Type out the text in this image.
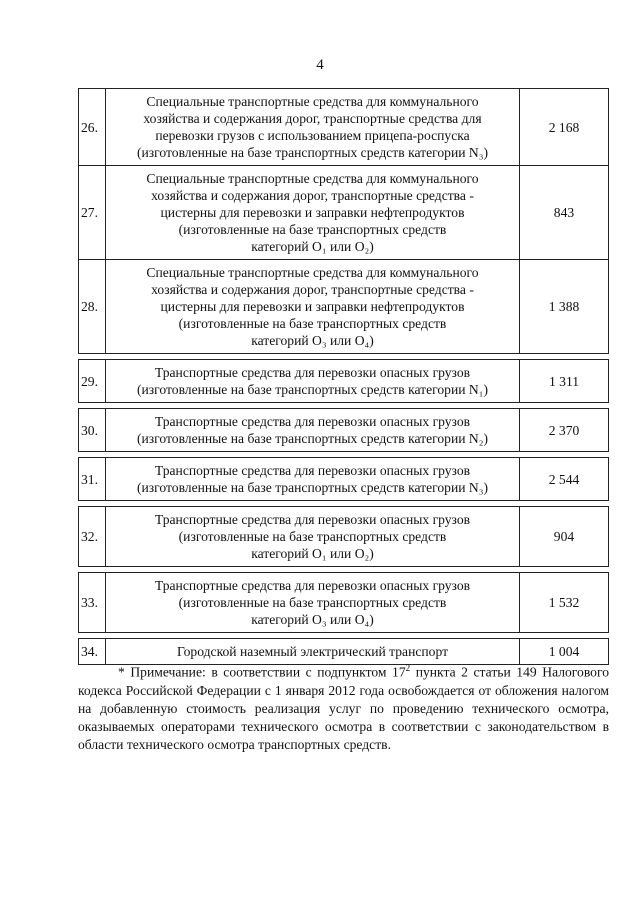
4
26.	Специальные транспортные средства для коммунального
хозяйства и содержания дорог, транспортные средства для
перевозки грузов с использованием прицепа-роспуска
(изготовленные на базе транспортных средств категории N₃)	2 168
27.	Специальные транспортные средства для коммунального
хозяйства и содержания дорог, транспортные средства -
цистерны для перевозки и заправки нефтепродуктов
(изготовленные на базе транспортных средств
категорий O₁ или O₂)	843
28.	Специальные транспортные средства для коммунального
хозяйства и содержания дорог, транспортные средства -
цистерны для перевозки и заправки нефтепродуктов
(изготовленные на базе транспортных средств
категорий O₃ или O₄)	1 388

29.	Транспортные средства для перевозки опасных грузов
(изготовленные на базе транспортных средств категории N₁)	1 311

30.	Транспортные средства для перевозки опасных грузов
(изготовленные на базе транспортных средств категории N₂)	2 370

31.	Транспортные средства для перевозки опасных грузов
(изготовленные на базе транспортных средств категории N₃)	2 544

32.	Транспортные средства для перевозки опасных грузов
(изготовленные на базе транспортных средств
категорий O₁ или O₂)	904

33.	Транспортные средства для перевозки опасных грузов
(изготовленные на базе транспортных средств
категорий O₃ или O₄)	1 532

34.	Городской наземный электрический транспорт	1 004
* Примечание: в соответствии с подпунктом $17^2$ пункта 2 статьи 149 Налогового кодекса Российской Федерации с 1 января 2012 года освобождается от обложения налогом на добавленную стоимость реализация услуг по проведению технического осмотра, оказываемых операторами технического осмотра в соответствии с законодательством в области технического осмотра транспортных средств.
